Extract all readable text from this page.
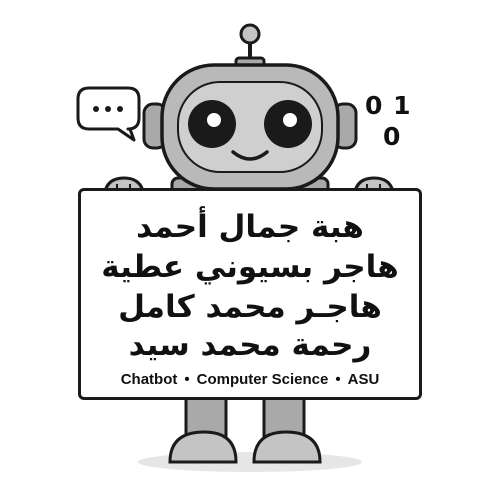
0 1
0
هبة جمال أحمد
هاجر بسيوني عطية
هاجـر محمد كامل
رحمة محمد سيد
Chatbot • Computer Science • ASU
